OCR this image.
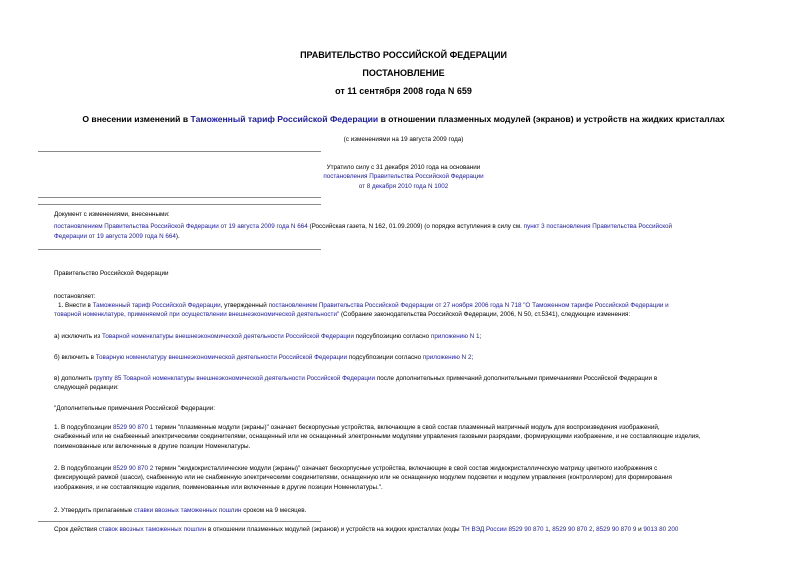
ПРАВИТЕЛЬСТВО РОССИЙСКОЙ ФЕДЕРАЦИИ
ПОСТАНОВЛЕНИЕ
от 11 сентября 2008 года N 659
О внесении изменений в Таможенный тариф Российской Федерации в отношении плазменных модулей (экранов) и устройств на жидких кристаллах
(с изменениями на 19 августа 2009 года)
Утратило силу с 31 декабря 2010 года на основании
постановления Правительства Российской Федерации
от 8 декабря 2010 года N 1002
Документ с изменениями, внесенными:
постановлением Правительства Российской Федерации от 19 августа 2009 года N 664 (Российская газета, N 162, 01.09.2009) (о порядке вступления в силу см. пункт 3 постановления Правительства Российской
Федерации от 19 августа 2009 года N 664).
Правительство Российской Федерации
постановляет:
1. Внести в Таможенный тариф Российской Федерации, утвержденный постановлением Правительства Российской Федерации от 27 ноября 2006 года N 718 "О Таможенном тарифе Российской Федерации и
товарной номенклатуре, применяемой при осуществлении внешнеэкономической деятельности" (Собрание законодательства Российской Федерации, 2006, N 50, ст.5341), следующие изменения:
а) исключить из Товарной номенклатуры внешнеэкономической деятельности Российской Федерации подсубпозицию согласно приложению N 1;
б) включить в Товарную номенклатуру внешнеэкономической деятельности Российской Федерации подсубпозиции согласно приложению N 2;
в) дополнить группу 85 Товарной номенклатуры внешнеэкономической деятельности Российской Федерации после дополнительных примечаний дополнительными примечаниями Российской Федерации в
следующей редакции:
"Дополнительные примечания Российской Федерации:
1. В подсубпозиции 8529 90 870 1 термин "плазменные модули (экраны)" означает бескорпусные устройства, включающие в свой состав плазменный матричный модуль для воспроизведения изображений,
снабженный или не снабженный электрическими соединителями, оснащенный или не оснащенный электронными модулями управления газовыми разрядами, формирующими изображение, и не составляющие изделия,
поименованные или включенные в другие позиции Номенклатуры.
2. В подсубпозиции 8529 90 870 2 термин "жидкокристаллические модули (экраны)" означает бескорпусные устройства, включающие в свой состав жидкокристаллическую матрицу цветного изображения с
фиксирующей рамкой (шасси), снабженную или не снабженную электрическими соединителями, оснащенную или не оснащенную модулем подсветки и модулем управления (контроллером) для формирования
изображения, и не составляющие изделия, поименованные или включенные в другие позиции Номенклатуры.".
2. Утвердить прилагаемые ставки ввозных таможенных пошлин сроком на 9 месяцев.
Срок действия ставок ввозных таможенных пошлин в отношении плазменных модулей (экранов) и устройств на жидких кристаллах (коды ТН ВЭД России 8529 90 870 1, 8529 90 870 2, 8529 90 870 9 и 9013 80 200
